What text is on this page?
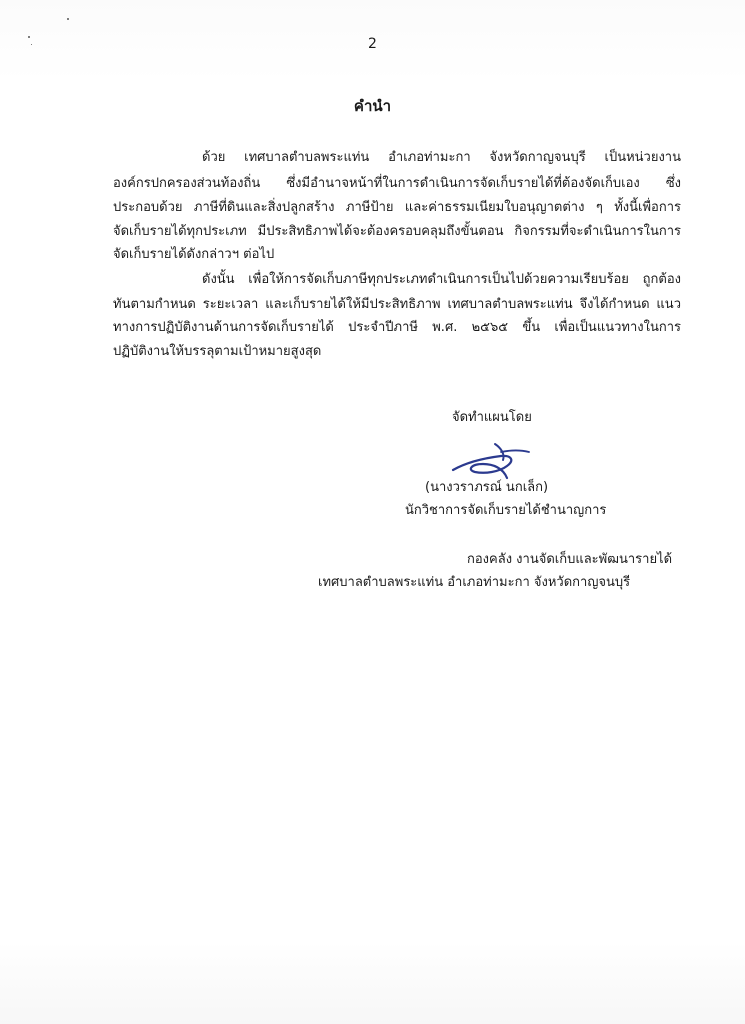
2
คำนำ
ด้วย เทศบาลตำบลพระแท่น อำเภอท่ามะกา จังหวัดกาญจนบุรี เป็นหน่วยงาน
องค์กรปกครองส่วนท้องถิ่น ซึ่งมีอำนาจหน้าที่ในการดำเนินการจัดเก็บรายได้ที่ต้องจัดเก็บเอง ซึ่ง
ประกอบด้วย ภาษีที่ดินและสิ่งปลูกสร้าง ภาษีป้าย และค่าธรรมเนียมใบอนุญาตต่าง ๆ ทั้งนี้เพื่อการ
จัดเก็บรายได้ทุกประเภท มีประสิทธิภาพได้จะต้องครอบคลุมถึงขั้นตอน กิจกรรมที่จะดำเนินการในการ
จัดเก็บรายได้ดังกล่าวฯ ต่อไป
ดังนั้น เพื่อให้การจัดเก็บภาษีทุกประเภทดำเนินการเป็นไปด้วยความเรียบร้อย ถูกต้อง
ทันตามกำหนด ระยะเวลา และเก็บรายได้ให้มีประสิทธิภาพ เทศบาลตำบลพระแท่น จึงได้กำหนด แนว
ทางการปฏิบัติงานด้านการจัดเก็บรายได้ ประจำปีภาษี พ.ศ. ๒๕๖๕ ขึ้น เพื่อเป็นแนวทางในการ
ปฏิบัติงานให้บรรลุตามเป้าหมายสูงสุด
จัดทำแผนโดย
(นางวราภรณ์ นกเล็ก)
นักวิชาการจัดเก็บรายได้ชำนาญการ
กองคลัง งานจัดเก็บและพัฒนารายได้
เทศบาลตำบลพระแท่น อำเภอท่ามะกา จังหวัดกาญจนบุรี
